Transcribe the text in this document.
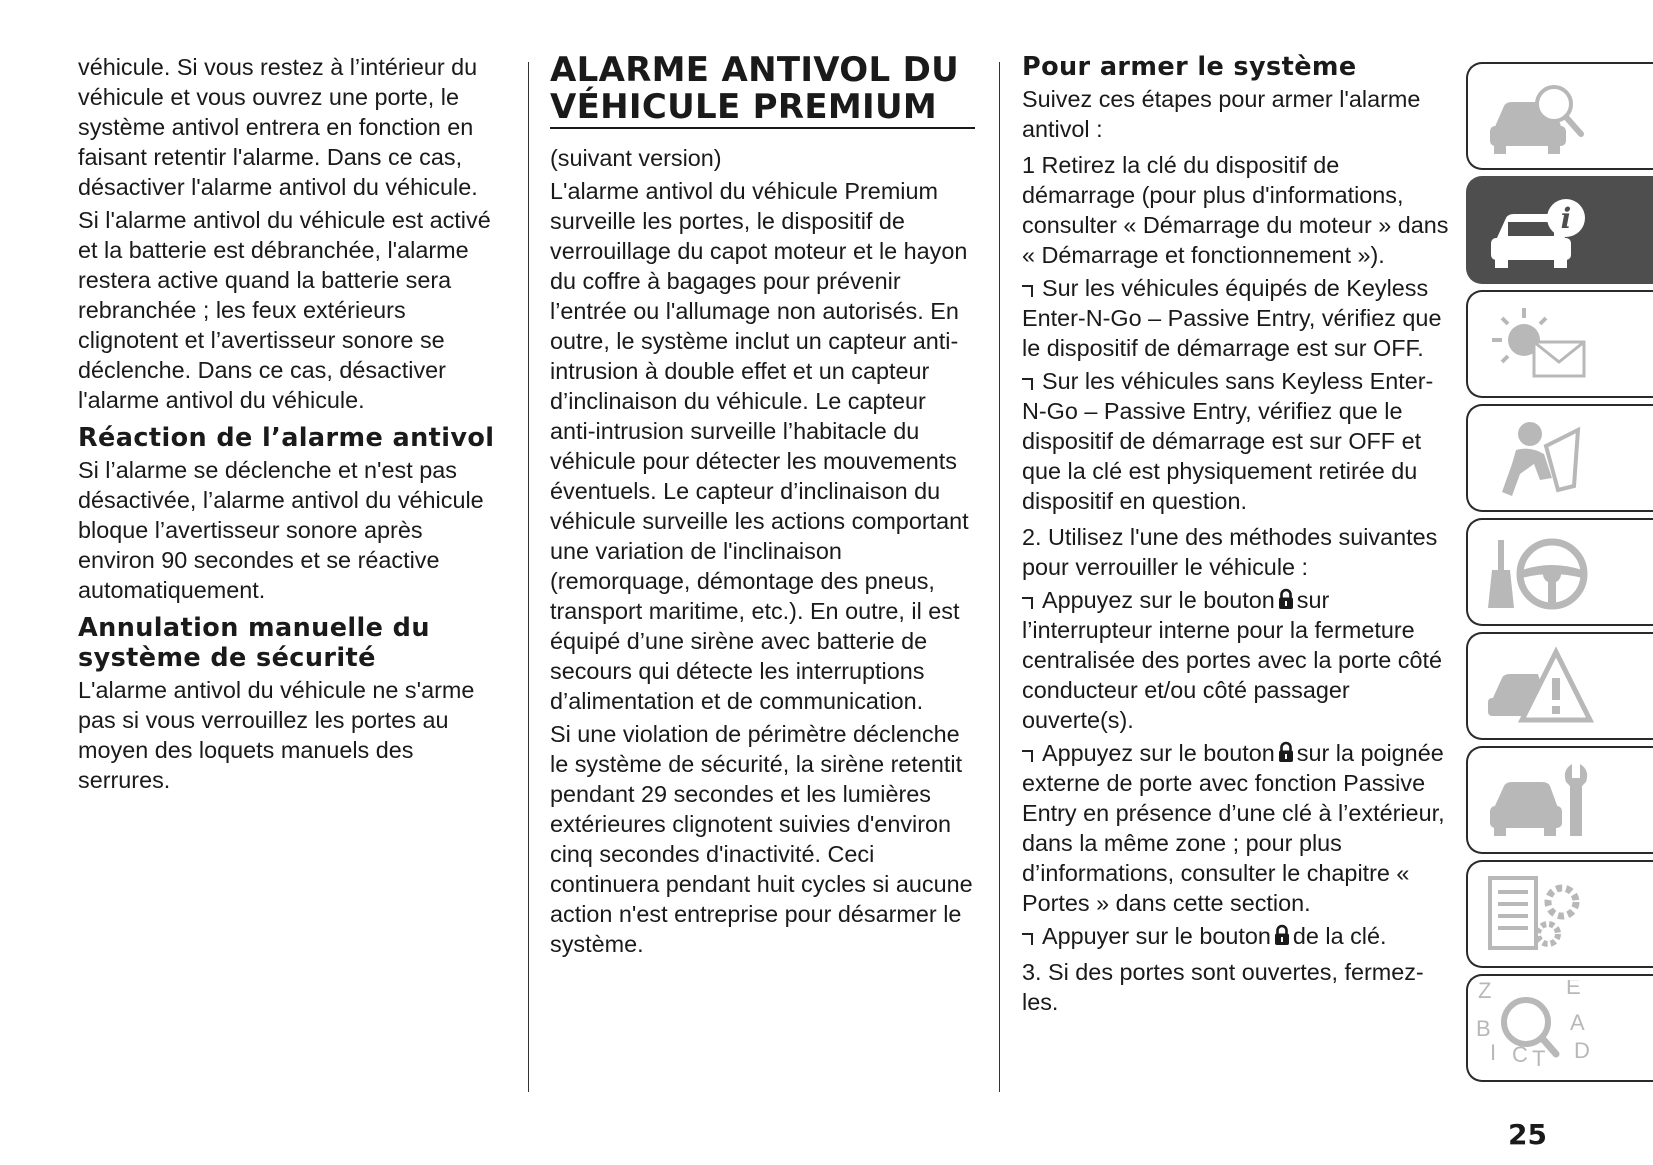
véhicule. Si vous restez à l’intérieur du véhicule et vous ouvrez une porte, le système antivol entrera en fonction en faisant retentir l'alarme. Dans ce cas, désactiver l'alarme antivol du véhicule.

Si l'alarme antivol du véhicule est activé et la batterie est débranchée, l'alarme restera active quand la batterie sera rebranchée ; les feux extérieurs clignotent et l’avertisseur sonore se déclenche. Dans ce cas, désactiver l'alarme antivol du véhicule.

Réaction de l’alarme antivol

Si l’alarme se déclenche et n'est pas désactivée, l’alarme antivol du véhicule bloque l’avertisseur sonore après environ 90 secondes et se réactive automatiquement.

Annulation manuelle du système de sécurité

L'alarme antivol du véhicule ne s'arme pas si vous verrouillez les portes au moyen des loquets manuels des serrures.

ALARME ANTIVOL DU VÉHICULE PREMIUM

(suivant version)

L'alarme antivol du véhicule Premium surveille les portes, le dispositif de verrouillage du capot moteur et le hayon du coffre à bagages pour prévenir l’entrée ou l'allumage non autorisés. En outre, le système inclut un capteur anti-intrusion à double effet et un capteur d’inclinaison du véhicule. Le capteur anti-intrusion surveille l’habitacle du véhicule pour détecter les mouvements éventuels. Le capteur d’inclinaison du véhicule surveille les actions comportant une variation de l'inclinaison (remorquage, démontage des pneus, transport maritime, etc.). En outre, il est équipé d’une sirène avec batterie de secours qui détecte les interruptions d’alimentation et de communication.

Si une violation de périmètre déclenche le système de sécurité, la sirène retentit pendant 29 secondes et les lumières extérieures clignotent suivies d'environ cinq secondes d'inactivité. Ceci continuera pendant huit cycles si aucune action n'est entreprise pour désarmer le système.

Pour armer le système

Suivez ces étapes pour armer l'alarme antivol :

1 Retirez la clé du dispositif de démarrage (pour plus d'informations, consulter « Démarrage du moteur » dans « Démarrage et fonctionnement »).

Sur les véhicules équipés de Keyless Enter-N-Go – Passive Entry, vérifiez que le dispositif de démarrage est sur OFF.

Sur les véhicules sans Keyless Enter-N-Go – Passive Entry, vérifiez que le dispositif de démarrage est sur OFF et que la clé est physiquement retirée du dispositif en question.

2. Utilisez l'une des méthodes suivantes pour verrouiller le véhicule :

Appuyez sur le bouton sur l’interrupteur interne pour la fermeture centralisée des portes avec la porte côté conducteur et/ou côté passager ouverte(s).

Appuyez sur le bouton sur la poignée externe de porte avec fonction Passive Entry en présence d’une clé à l’extérieur, dans la même zone ; pour plus d’informations, consulter le chapitre « Portes » dans cette section.

Appuyer sur le bouton de la clé.

3. Si des portes sont ouvertes, fermez-les.

i
Z	E B	A I C T D
25
